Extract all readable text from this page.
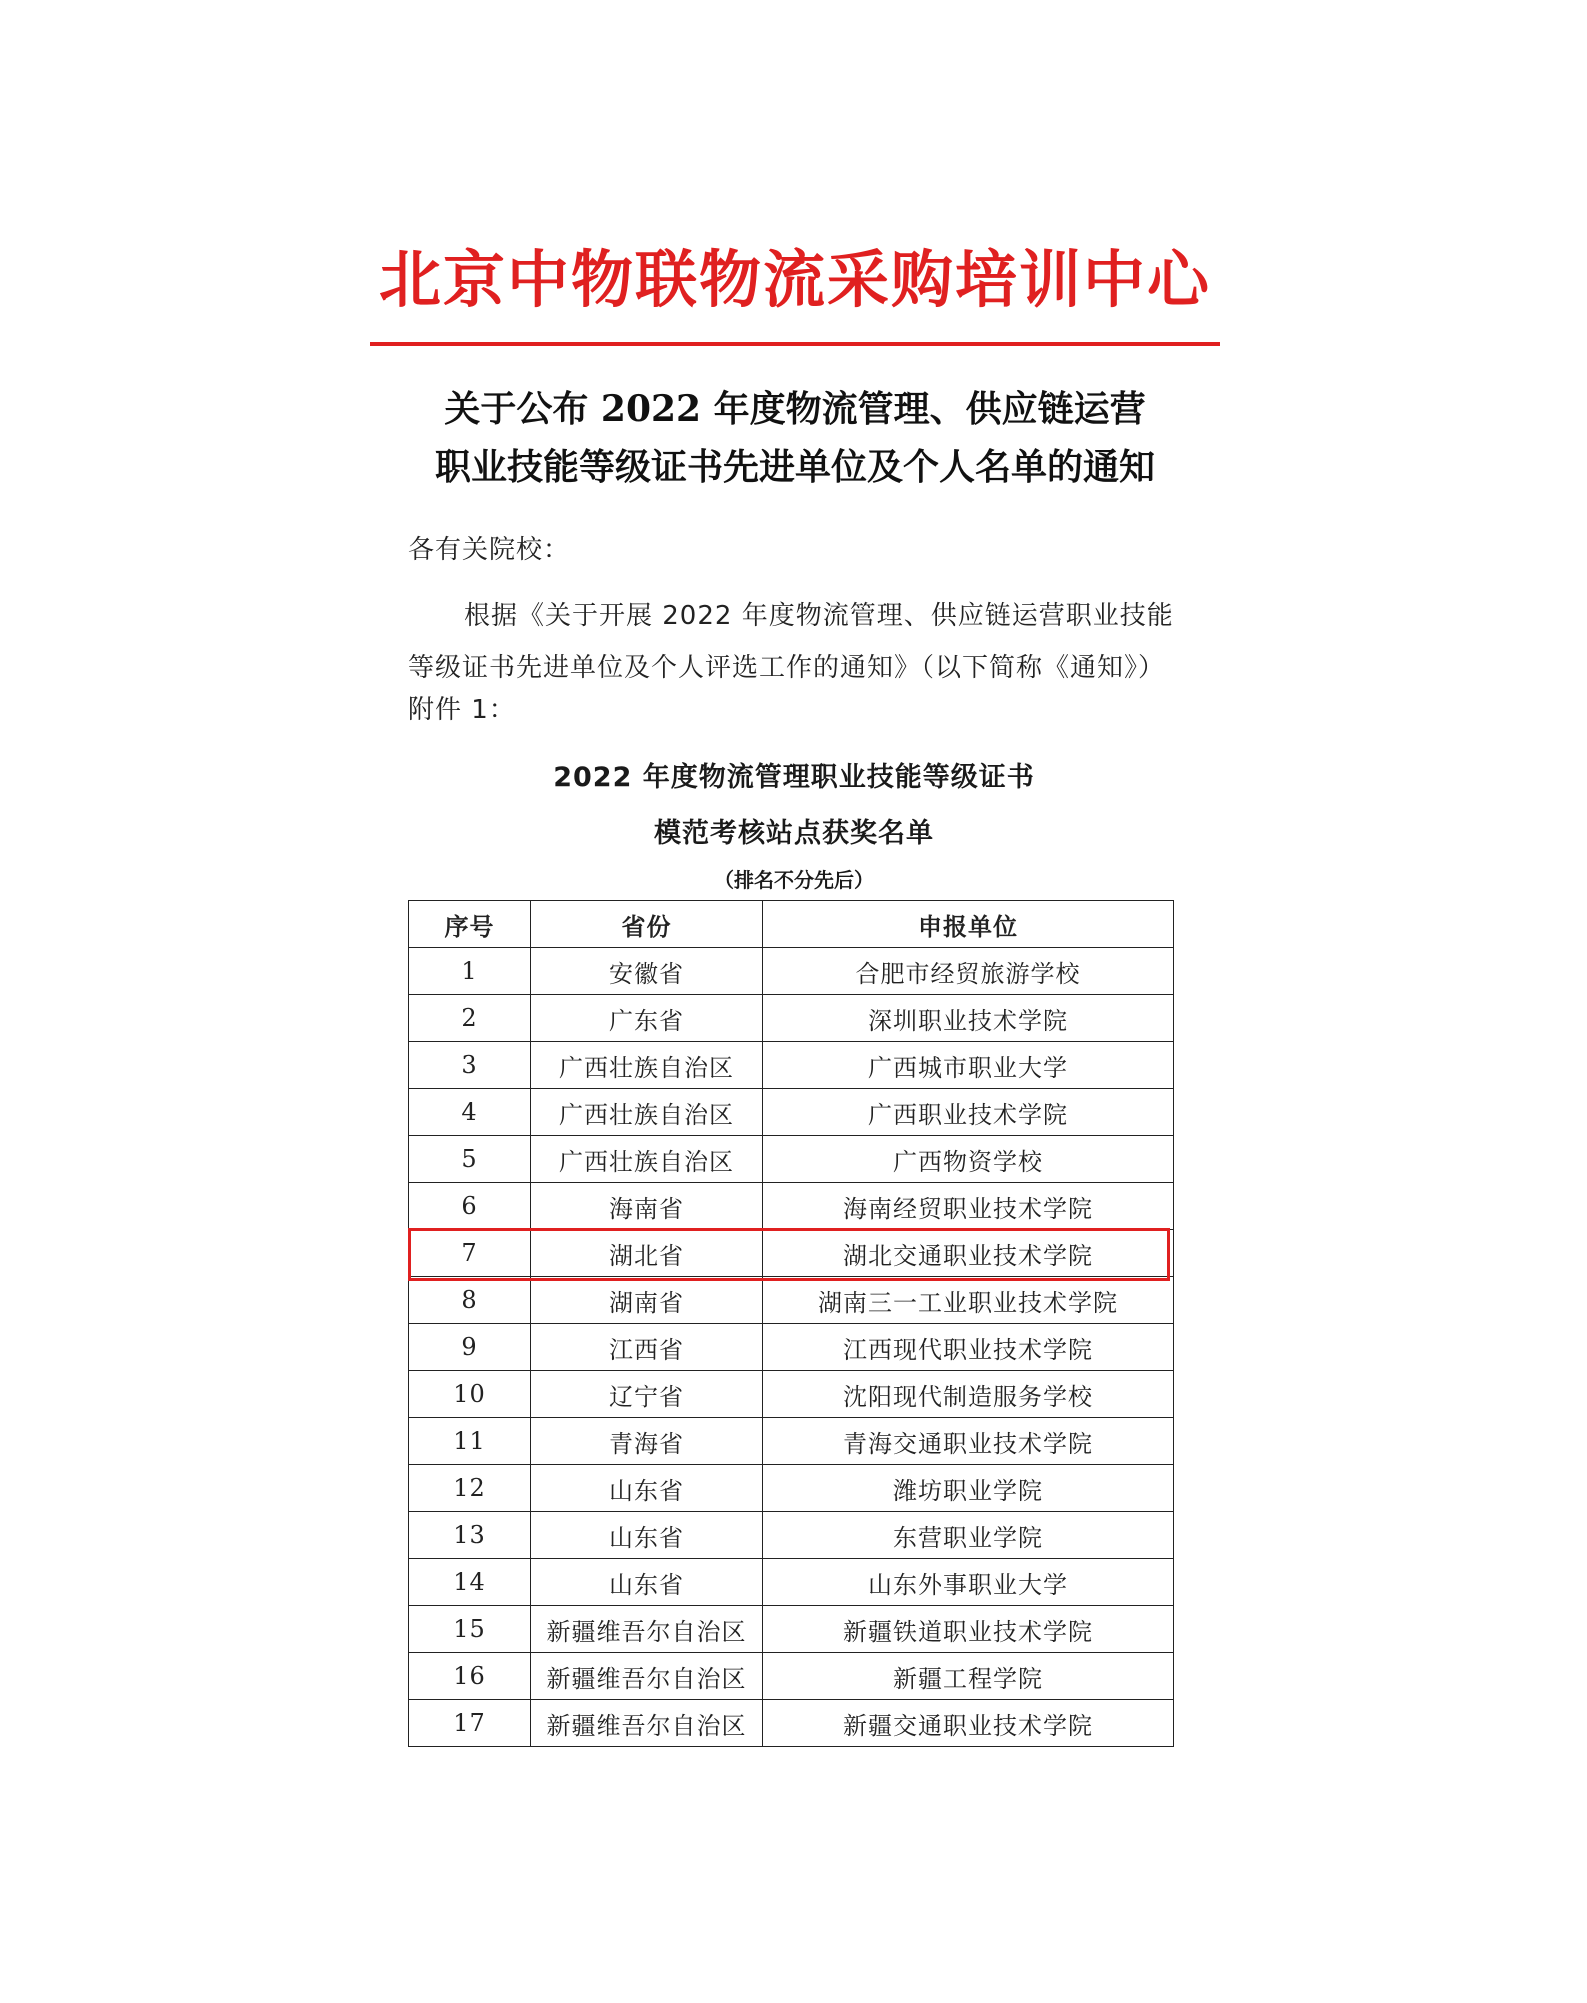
北京中物联物流采购培训中心
关于公布 2022 年度物流管理、供应链运营
职业技能等级证书先进单位及个人名单的通知
各有关院校：
根据《关于开展 2022 年度物流管理、供应链运营职业技能
等级证书先进单位及个人评选工作的通知》（以下简称《通知》）
附件 1：
2022 年度物流管理职业技能等级证书
模范考核站点获奖名单
（排名不分先后）
序号	省份	申报单位
1	安徽省	合肥市经贸旅游学校
2	广东省	深圳职业技术学院
3	广西壮族自治区	广西城市职业大学
4	广西壮族自治区	广西职业技术学院
5	广西壮族自治区	广西物资学校
6	海南省	海南经贸职业技术学院
7	湖北省	湖北交通职业技术学院
8	湖南省	湖南三一工业职业技术学院
9	江西省	江西现代职业技术学院
10	辽宁省	沈阳现代制造服务学校
11	青海省	青海交通职业技术学院
12	山东省	潍坊职业学院
13	山东省	东营职业学院
14	山东省	山东外事职业大学
15	新疆维吾尔自治区	新疆铁道职业技术学院
16	新疆维吾尔自治区	新疆工程学院
17	新疆维吾尔自治区	新疆交通职业技术学院
